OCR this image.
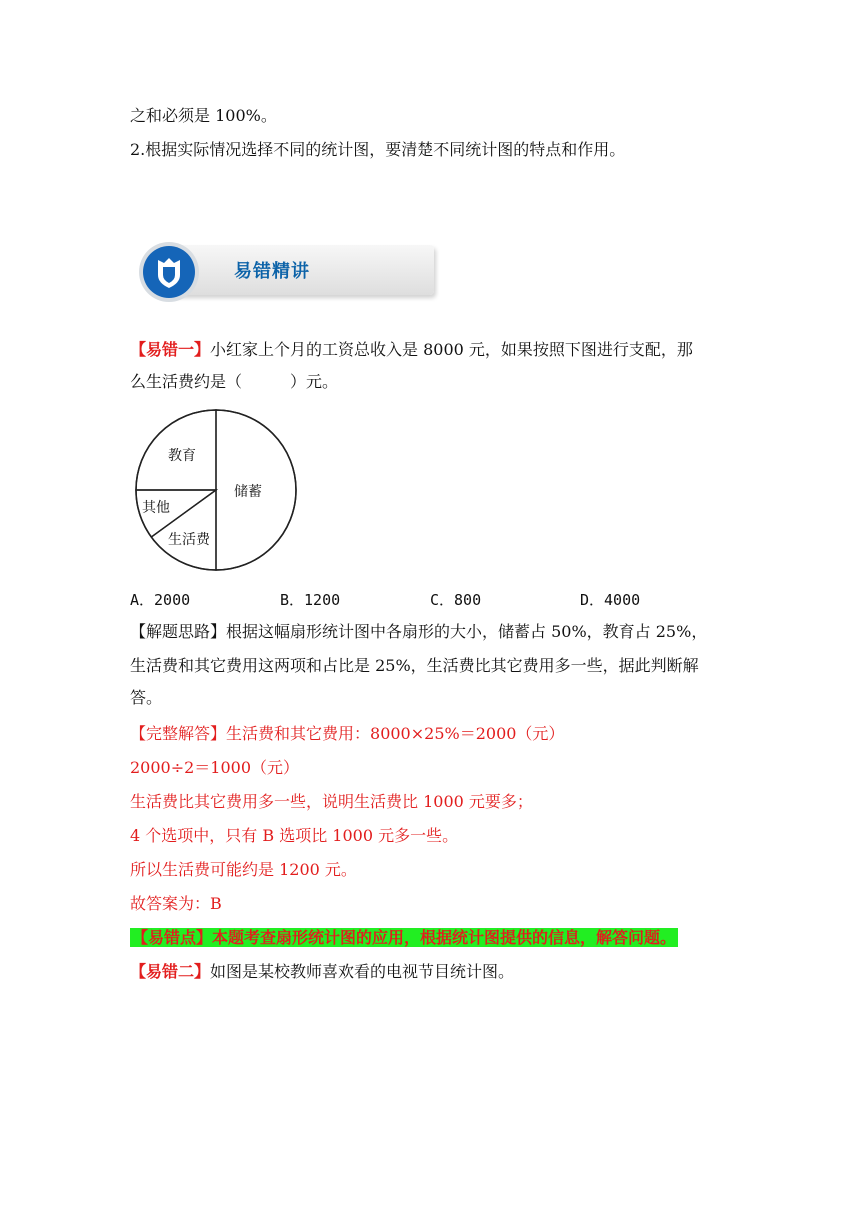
之和必须是 100%。
2.根据实际情况选择不同的统计图，要清楚不同统计图的特点和作用。
易错精讲
【易错一】小红家上个月的工资总收入是 8000 元，如果按照下图进行支配，那
么生活费约是（　　　）元。
储蓄
生活费
其他
教育
A．2000	B．1200	C．800	D．4000
【解题思路】根据这幅扇形统计图中各扇形的大小，储蓄占 50%，教育占 25%，
生活费和其它费用这两项和占比是 25%，生活费比其它费用多一些，据此判断解
答。
【完整解答】生活费和其它费用：8000×25%＝2000（元）
2000÷2＝1000（元）
生活费比其它费用多一些，说明生活费比 1000 元要多；
4 个选项中，只有 B 选项比 1000 元多一些。
所以生活费可能约是 1200 元。
故答案为：B
【易错点】本题考查扇形统计图的应用，根据统计图提供的信息，解答问题。
【易错二】如图是某校教师喜欢看的电视节目统计图。
